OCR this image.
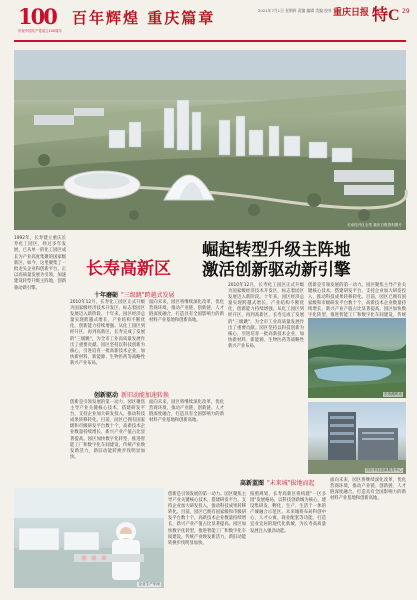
100
庆祝中国共产党成立100周年
百年辉煌 重庆篇章	2021年7月1日 星期四 责编 编辑 美编 校对 重庆日报 特C 29
长寿经开区全景 重庆日报资料图片
1992年，长寿建立重庆长寿化工园区，经过多年发展，已从单一的化工园区成长为产业高度集聚的国家级新区。如今，这里聚集了一批龙头企业和创新平台，正以高质量发展为引领，加速建设转型升级主阵地、创新驱动新引擎。
长寿高新区
崛起转型升级主阵地
激活创新驱动新引擎
十年磨砺 "三级跳"跨越式发展
2010年12月，长寿化工园区正式升级为国家级经济技术开发区，标志着园区发展迈入新阶段。十年来，园区经济总量实现跨越式增长，产业结构不断优化，创新能力持续增强。从化工园区到经开区，再到高新区，长寿完成了发展的"三级跳"，为全市工业高质量发展作出了重要贡献。园区坚持以科技创新为核心，引进培育一批高新技术企业，加快新材料、新能源、生物医药等战略性新兴产业布局。
面向未来，园区将继续深化改革，优化营商环境，推动产业链、创新链、人才链深度融合，打造具有全国影响力的新材料产业基地和创新高地。
创新驱动 新旧动能加速转换
创新是引领发展的第一动力。园区聚焦主导产业关键核心技术，搭建研发平台，支持企业加大研发投入，推动科技成果转移转化。目前，园区已拥有国家级和市级研发平台数十个，高新技术企业数量持续增长，新兴产业产值占比显著提高。园区加快数字化转型，推进智能工厂和数字化车间建设，传统产业焕发新活力，新旧动能转换步伐明显加快。
面向未来，园区将继续深化改革，优化营商环境，推动产业链、创新链、人才链深度融合，打造具有全国影响力的新材料产业基地和创新高地。
2010年12月，长寿化工园区正式升级为国家级经济技术开发区，标志着园区发展迈入新阶段。十年来，园区经济总量实现跨越式增长，产业结构不断优化，创新能力持续增强。从化工园区到经开区，再到高新区，长寿完成了发展的"三级跳"，为全市工业高质量发展作出了重要贡献。园区坚持以科技创新为核心，引进培育一批高新技术企业，加快新材料、新能源、生物医药等战略性新兴产业布局。
创新是引领发展的第一动力。园区聚焦主导产业关键核心技术，搭建研发平台，支持企业加大研发投入，推动科技成果转移转化。目前，园区已拥有国家级和市级研发平台数十个，高新技术企业数量持续增长，新兴产业产值占比显著提高。园区加快数字化转型，推进智能工厂和数字化车间建设，传统
长寿湖风光
园区科技创新服务中心
企业生产车间
高新蓝图 "未来城"拔地而起
创新是引领发展的第一动力。园区聚焦主导产业关键核心技术，搭建研发平台，支持企业加大研发投入，推动科技成果转移转化。目前，园区已拥有国家级和市级研发平台数十个，高新技术企业数量持续增长，新兴产业产值占比显著提高。园区加快数字化转型，推进智能工厂和数字化车间建设，传统产业焕发新活力，新旧动能转换步伐明显加快。
按照规划，长寿高新区将构建"一区多园"发展格局，以科技创新城为核心，建设集研发、孵化、生产、生活于一体的产城融合示范区。未来城将布局科创中心、人才公寓、商业配套等功能，打造宜业宜居的现代化新城，为长寿高质量发展注入强劲动能。
面向未来，园区将继续深化改革，优化营商环境，推动产业链、创新链、人才链深度融合，打造具有全国影响力的新材料产业基地和创新高地。
